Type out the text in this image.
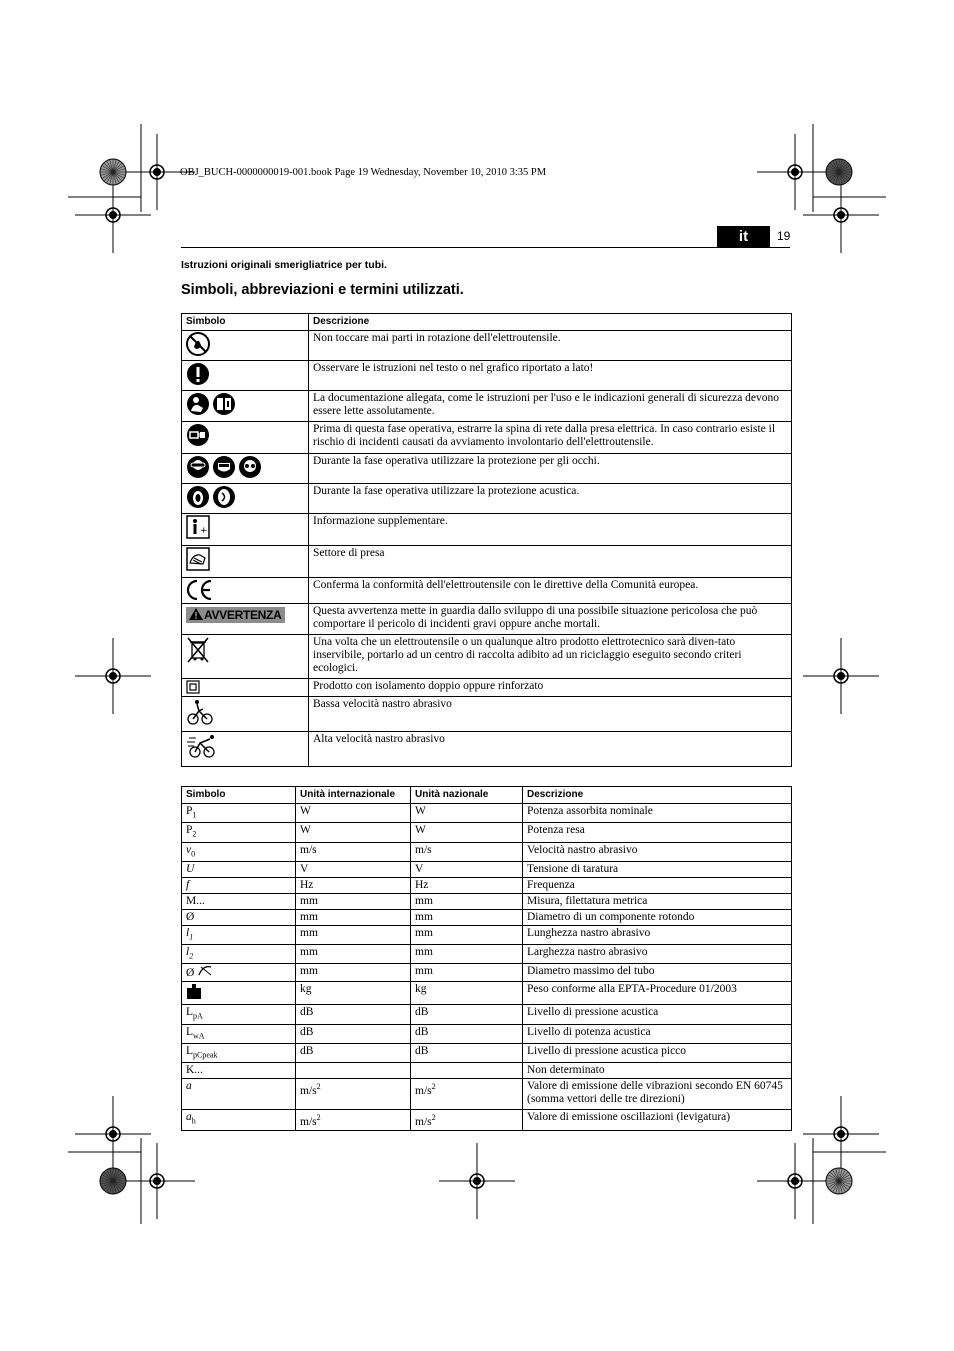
OBJ_BUCH-0000000019-001.book Page 19 Wednesday, November 10, 2010 3:35 PM
it	19
Istruzioni originali smerigliatrice per tubi.
Simboli, abbreviazioni e termini utilizzati.
Simbolo	Descrizione
	Non toccare mai parti in rotazione dell'elettroutensile.
	Osservare le istruzioni nel testo o nel grafico riportato a lato!
	La documentazione allegata, come le istruzioni per l'uso e le indicazioni generali di sicurezza devono essere lette assolutamente.
	Prima di questa fase operativa, estrarre la spina di rete dalla presa elettrica. In caso contrario esiste il rischio di incidenti causati da avviamento involontario dell'elettroutensile.
	Durante la fase operativa utilizzare la protezione per gli occhi.
	Durante la fase operativa utilizzare la protezione acustica.

+	Informazione supplementare.
	Settore di presa
	Conferma la conformità dell'elettroutensile con le direttive della Comunità europea.
AVVERTENZA	Questa avvertenza mette in guardia dallo sviluppo di una possibile situazione pericolosa che può comportare il pericolo di incidenti gravi oppure anche mortali.
	Una volta che un elettroutensile o un qualunque altro prodotto elettrotecnico sarà diven-tato inservibile, portarlo ad un centro di raccolta adibito ad un riciclaggio eseguito secondo criteri ecologici.
	Prodotto con isolamento doppio oppure rinforzato
	Bassa velocità nastro abrasivo
	Alta velocità nastro abrasivo
Simbolo	Unità internazionale	Unità nazionale	Descrizione
$P_1$	W	W	Potenza assorbita nominale
$P_2$	W	W	Potenza resa
$v_0$	m/s	m/s	Velocità nastro abrasivo
U	V	V	Tensione di taratura
f	Hz	Hz	Frequenza
M...	mm	mm	Misura, filettatura metrica
Ø	mm	mm	Diametro di un componente rotondo
$l_1$	mm	mm	Lunghezza nastro abrasivo
$l_2$	mm	mm	Larghezza nastro abrasivo
Ø	mm	mm	Diametro massimo del tubo
	kg	kg	Peso conforme alla EPTA-Procedure 01/2003
$L_{pA}$	dB	dB	Livello di pressione acustica
$L_{wA}$	dB	dB	Livello di potenza acustica
$L_{pCpeak}$	dB	dB	Livello di pressione acustica picco
K...			Non determinato
a	$m/s^2$	$m/s^2$	Valore di emissione delle vibrazioni secondo EN 60745 (somma vettori delle tre direzioni)
$a_h$	$m/s^2$	$m/s^2$	Valore di emissione oscillazioni (levigatura)
